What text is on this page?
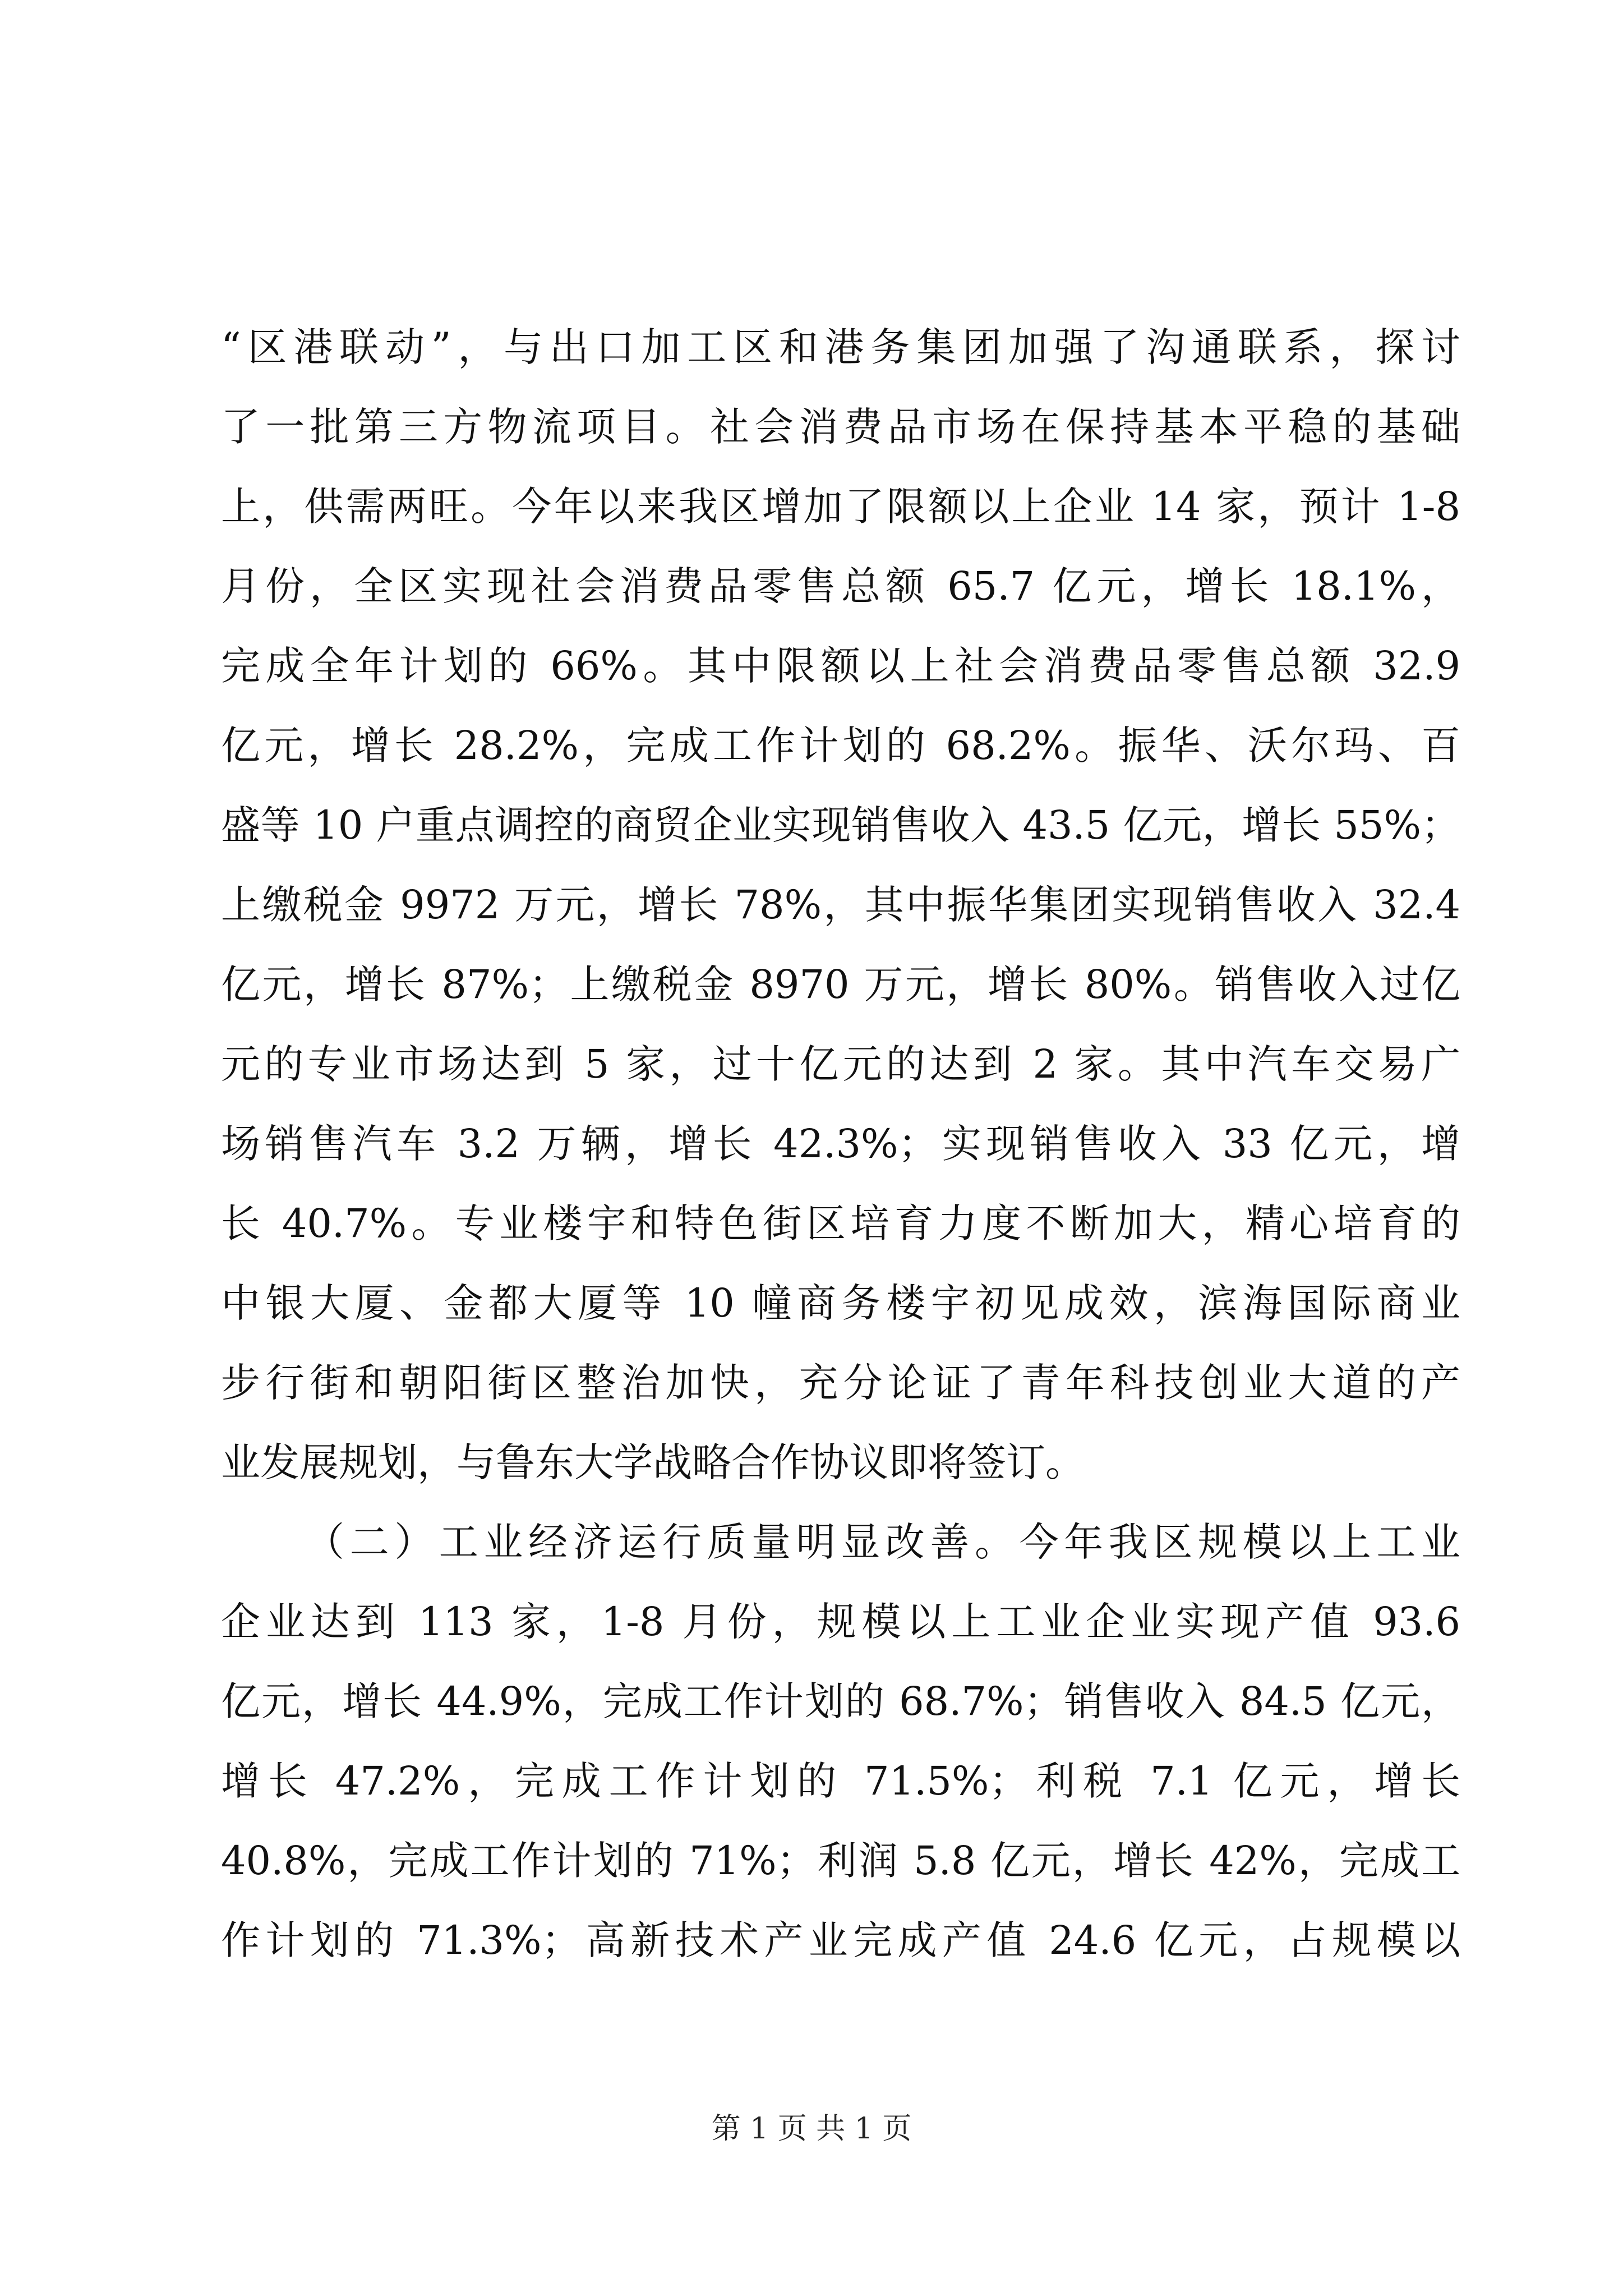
“区港联动”，与出口加工区和港务集团加强了沟通联系，探讨
了一批第三方物流项目。社会消费品市场在保持基本平稳的基础
上，供需两旺。今年以来我区增加了限额以上企业 14 家，预计 1-8
月份，全区实现社会消费品零售总额 65.7 亿元，增长 18.1%，
完成全年计划的 66%。其中限额以上社会消费品零售总额 32.9
亿元，增长 28.2%，完成工作计划的 68.2%。振华、沃尔玛、百
盛等 10 户重点调控的商贸企业实现销售收入 43.5 亿元，增长 55%；
上缴税金 9972 万元，增长 78%，其中振华集团实现销售收入 32.4
亿元，增长 87%；上缴税金 8970 万元，增长 80%。销售收入过亿
元的专业市场达到 5 家，过十亿元的达到 2 家。其中汽车交易广
场销售汽车 3.2 万辆，增长 42.3%；实现销售收入 33 亿元，增
长 40.7%。专业楼宇和特色街区培育力度不断加大，精心培育的
中银大厦、金都大厦等 10 幢商务楼宇初见成效，滨海国际商业
步行街和朝阳街区整治加快，充分论证了青年科技创业大道的产
业发展规划，与鲁东大学战略合作协议即将签订。
（二）工业经济运行质量明显改善。今年我区规模以上工业
企业达到 113 家，1-8 月份，规模以上工业企业实现产值 93.6
亿元，增长 44.9%，完成工作计划的 68.7%；销售收入 84.5 亿元，
增长 47.2%，完成工作计划的 71.5%；利税 7.1 亿元，增长
40.8%，完成工作计划的 71%；利润 5.8 亿元，增长 42%，完成工
作计划的 71.3%；高新技术产业完成产值 24.6 亿元，占规模以
第 1 页 共 1 页
